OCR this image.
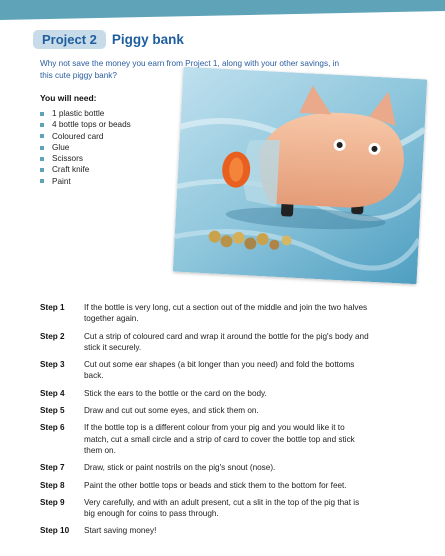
Project 2	Piggy bank

Why not save the money you earn from Project 1, along with your other savings, in this cute piggy bank?

You will need:
1 plastic bottle
4 bottle tops or beads
Coloured card
Glue
Scissors
Craft knife
Paint
Step 1	If the bottle is very long, cut a section out of the middle and join the two halves together again.
Step 2	Cut a strip of coloured card and wrap it around the bottle for the pig's body and stick it securely.
Step 3	Cut out some ear shapes (a bit longer than you need) and fold the bottoms back.
Step 4	Stick the ears to the bottle or the card on the body.
Step 5	Draw and cut out some eyes, and stick them on.
Step 6	If the bottle top is a different colour from your pig and you would like it to match, cut a small circle and a strip of card to cover the bottle top and stick them on.
Step 7	Draw, stick or paint nostrils on the pig's snout (nose).
Step 8	Paint the other bottle tops or beads and stick them to the bottom for feet.
Step 9	Very carefully, and with an adult present, cut a slit in the top of the pig that is big enough for coins to pass through.
Step 10	Start saving money!
